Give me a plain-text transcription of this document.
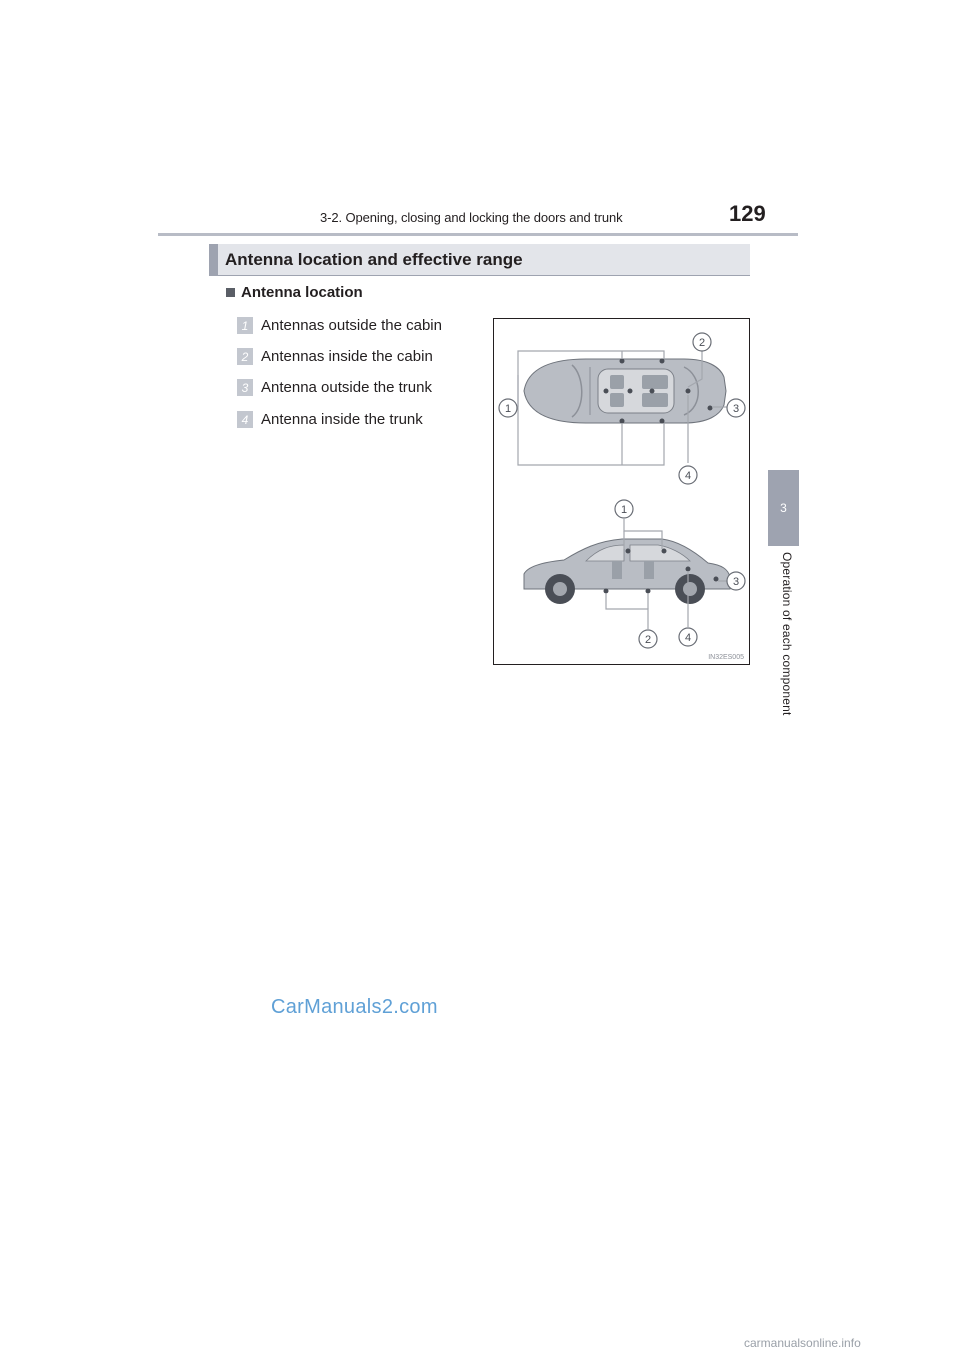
3-2. Opening, closing and locking the doors and trunk	129
3
Operation of each component
Antenna location and effective range
Antenna location
1 Antennas outside the cabin
2 Antennas inside the cabin
3 Antenna outside the trunk
4 Antenna inside the trunk
1
2
3
4
1
2
3
4
IN32ES005
CarManuals2.com
carmanualsonline.info
